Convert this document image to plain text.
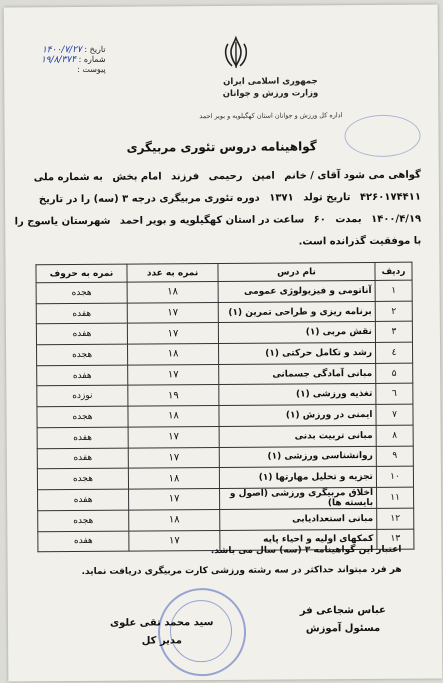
تاریخ : ۱۴۰۰/۷/۲۷
شماره : ۱۹/۸/۳۷۴
پیوست :
جمهوری اسلامی ایران
وزارت ورزش و جوانان
اداره کل ورزش و جوانان استان کهگیلویه و بویر احمد
گواهینامه دروس تئوری مربیگری
گواهی می شود آقای / خانم امین رحیمی فرزند امام بخش به شماره ملی
۴۲۶۰۱۷۴۴۱۱ تاریخ تولد ۱۳۷۱ دوره تئوری مربیگری درجه ۳ (سه) را در تاریخ
۱۴۰۰/۴/۱۹ بمدت ۶۰ ساعت در استان کهگیلویه و بویر احمد شهرستان یاسوج را
با موفقیت گذرانده است.
ردیف	نام درس	نمره به عدد	نمره به حروف
۱	آناتومی و فیزیولوژی عمومی	۱۸	هجده
۲	برنامه ریزی و طراحی تمرین (۱)	۱۷	هفده
۳	نقش مربی (۱)	۱۷	هفده
٤	رشد و تکامل حرکتی (۱)	۱۸	هجده
۵	مبانی آمادگی جسمانی	۱۷	هفده
٦	تغذیه ورزشی (۱)	۱۹	نوزده
۷	ایمنی در ورزش (۱)	۱۸	هجده
۸	مبانی تربیت بدنی	۱۷	هفده
۹	روانشناسی ورزشی (۱)	۱۷	هفده
۱۰	تجزیه و تحلیل مهارتها (۱)	۱۸	هجده
۱۱	اخلاق مربیگری ورزشی (اصول و بایسته ها)	۱۷	هفده
۱۲	مبانی استعدادیابی	۱۸	هجده
۱۳	کمکهای اولیه و احیاء پایه	۱۷	هفده
اعتبار این گواهینامه ۳ (سه) سال می باشد.
هر فرد میتواند حداکثر در سه رشته ورزشی کارت مربیگری دریافت نماید.
عباس شجاعی فر
مسئول آموزش
سید محمد تقی علوی
مدیر کل
